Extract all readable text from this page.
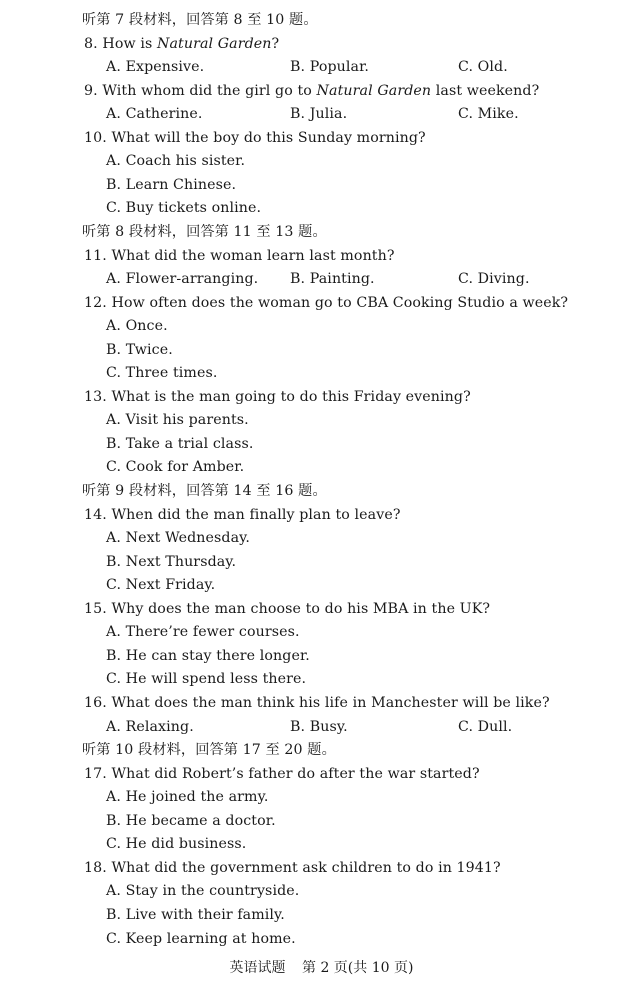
听第 7 段材料，回答第 8 至 10 题。
8. How is Natural Garden?
A. Expensive.	B. Popular.	C. Old.
9. With whom did the girl go to Natural Garden last weekend?
A. Catherine.	B. Julia.	C. Mike.
10. What will the boy do this Sunday morning?
A. Coach his sister.
B. Learn Chinese.
C. Buy tickets online.
听第 8 段材料，回答第 11 至 13 题。
11. What did the woman learn last month?
A. Flower-arranging. B. Painting.	C. Diving.
12. How often does the woman go to CBA Cooking Studio a week?
A. Once.
B. Twice.
C. Three times.
13. What is the man going to do this Friday evening?
A. Visit his parents.
B. Take a trial class.
C. Cook for Amber.
听第 9 段材料，回答第 14 至 16 题。
14. When did the man finally plan to leave?
A. Next Wednesday.
B. Next Thursday.
C. Next Friday.
15. Why does the man choose to do his MBA in the UK?
A. There’re fewer courses.
B. He can stay there longer.
C. He will spend less there.
16. What does the man think his life in Manchester will be like?
A. Relaxing.	B. Busy.	C. Dull.
听第 10 段材料，回答第 17 至 20 题。
17. What did Robert’s father do after the war started?
A. He joined the army.
B. He became a doctor.
C. He did business.
18. What did the government ask children to do in 1941?
A. Stay in the countryside.
B. Live with their family.
C. Keep learning at home.
英语试题 第 2 页(共 10 页)
